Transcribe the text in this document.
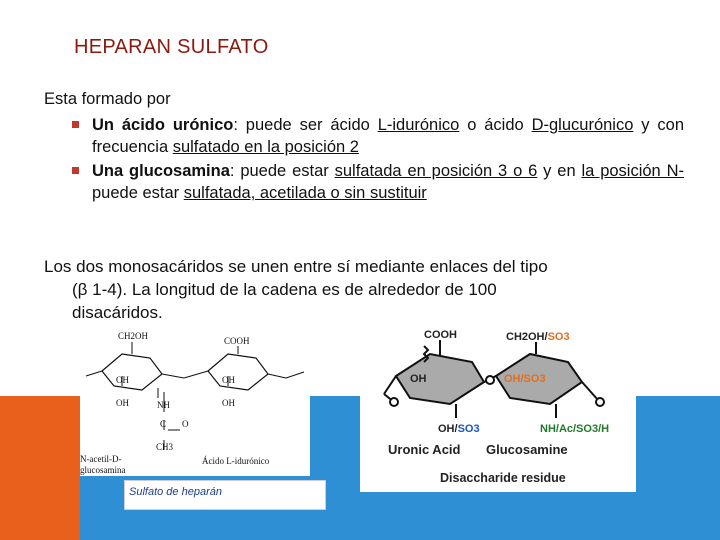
HEPARAN SULFATO
Esta formado por
Un ácido urónico: puede ser ácido L-idurónico o ácido D-glucurónico y con frecuencia sulfatado en la posición 2
Una glucosamina: puede estar sulfatada en posición 3 o 6 y en la posición N- puede estar sulfatada, acetilada o sin sustituir
Los dos monosacáridos se unen entre sí mediante enlaces del tipo
(β 1-4). La longitud de la cadena es de alrededor de 100
disacáridos.
CH2OH	COOH
OH	OH
OH	OH
NH
C O
CH3
N-acetil-D-
glucosamina
Ácido L-idurónico
Sulfato de heparán
COOH	CH2OH/SO3
OH	OH/SO3
OH/SO3	NH/Ac/SO3/H
Uronic Acid Glucosamine
Disaccharide residue
